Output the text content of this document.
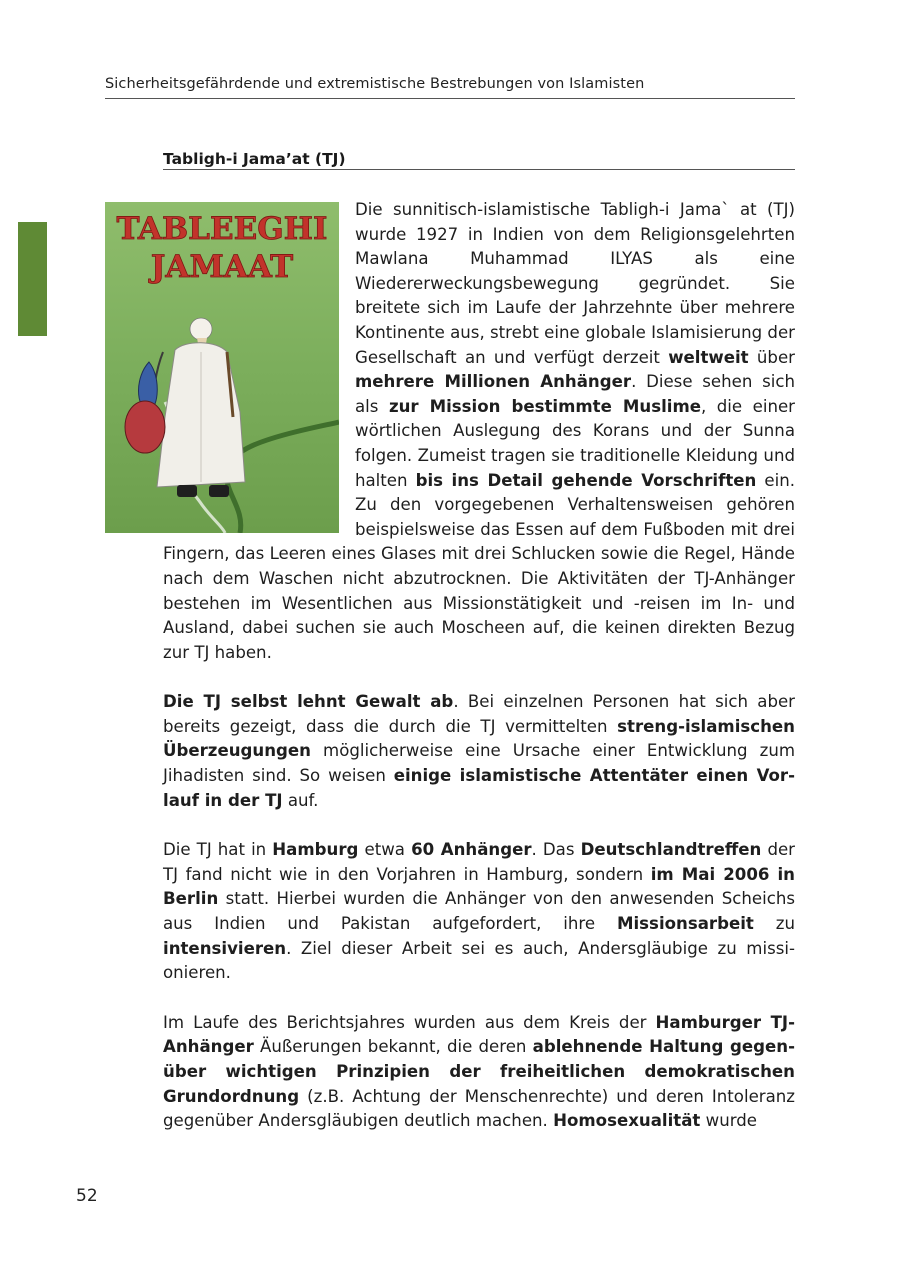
Sicherheitsgefährdende und extremistische Bestrebungen von Islamisten
Tabligh-i Jama’at (TJ)
TABLEEGHI
JAMAAT

Die sunnitisch-islamistische Tabligh-i Jama` at (TJ) wurde 1927 in Indien von dem Religionsgelehrten Mawlana Muhammad ILYAS als eine Wiedererweckungsbewegung gegründet. Sie breitete sich im Laufe der Jahrzehnte über mehrere Kontinente aus, strebt eine globale Islamisierung der Gesellschaft an und verfügt derzeit weltweit über mehrere Millionen Anhänger. Diese sehen sich als zur Mission bestimmte Muslime, die einer wörtlichen Auslegung des Korans und der Sunna folgen. Zumeist tragen sie traditionelle Kleidung und halten bis ins Detail gehende Vorschriften ein. Zu den vorgegebenen Verhaltensweisen gehören beispielsweise das Essen auf dem Fußboden mit drei Fingern, das Leeren eines Glases mit drei Schlucken sowie die Regel, Hände nach dem Waschen nicht abzutrocknen. Die Aktivitäten der TJ-Anhänger bestehen im Wesentlichen aus Missionstätigkeit und -reisen im In- und Ausland, dabei suchen sie auch Moscheen auf, die keinen direkten Bezug zur TJ haben.

Die TJ selbst lehnt Gewalt ab. Bei einzelnen Personen hat sich aber bereits gezeigt, dass die durch die TJ vermittelten streng-islamischen Überzeugungen möglicherweise eine Ursache einer Entwicklung zum Jihadisten sind. So weisen einige islamistische Attentäter einen Vorlauf in der TJ auf.

Die TJ hat in Hamburg etwa 60 Anhänger. Das Deutschlandtreffen der TJ fand nicht wie in den Vorjahren in Hamburg, sondern im Mai 2006 in Berlin statt. Hierbei wurden die Anhänger von den anwesenden Scheichs aus Indien und Pakistan aufgefordert, ihre Missionsarbeit zu intensivieren. Ziel dieser Arbeit sei es auch, Andersgläubige zu missionieren.

Im Laufe des Berichtsjahres wurden aus dem Kreis der Hamburger TJ-Anhänger Äußerungen bekannt, die deren ablehnende Haltung gegenüber wichtigen Prinzipien der freiheitlichen demokratischen Grundordnung (z.B. Achtung der Menschenrechte) und deren Intoleranz gegenüber Andersgläubigen deutlich machen. Homosexualität wurde

52
